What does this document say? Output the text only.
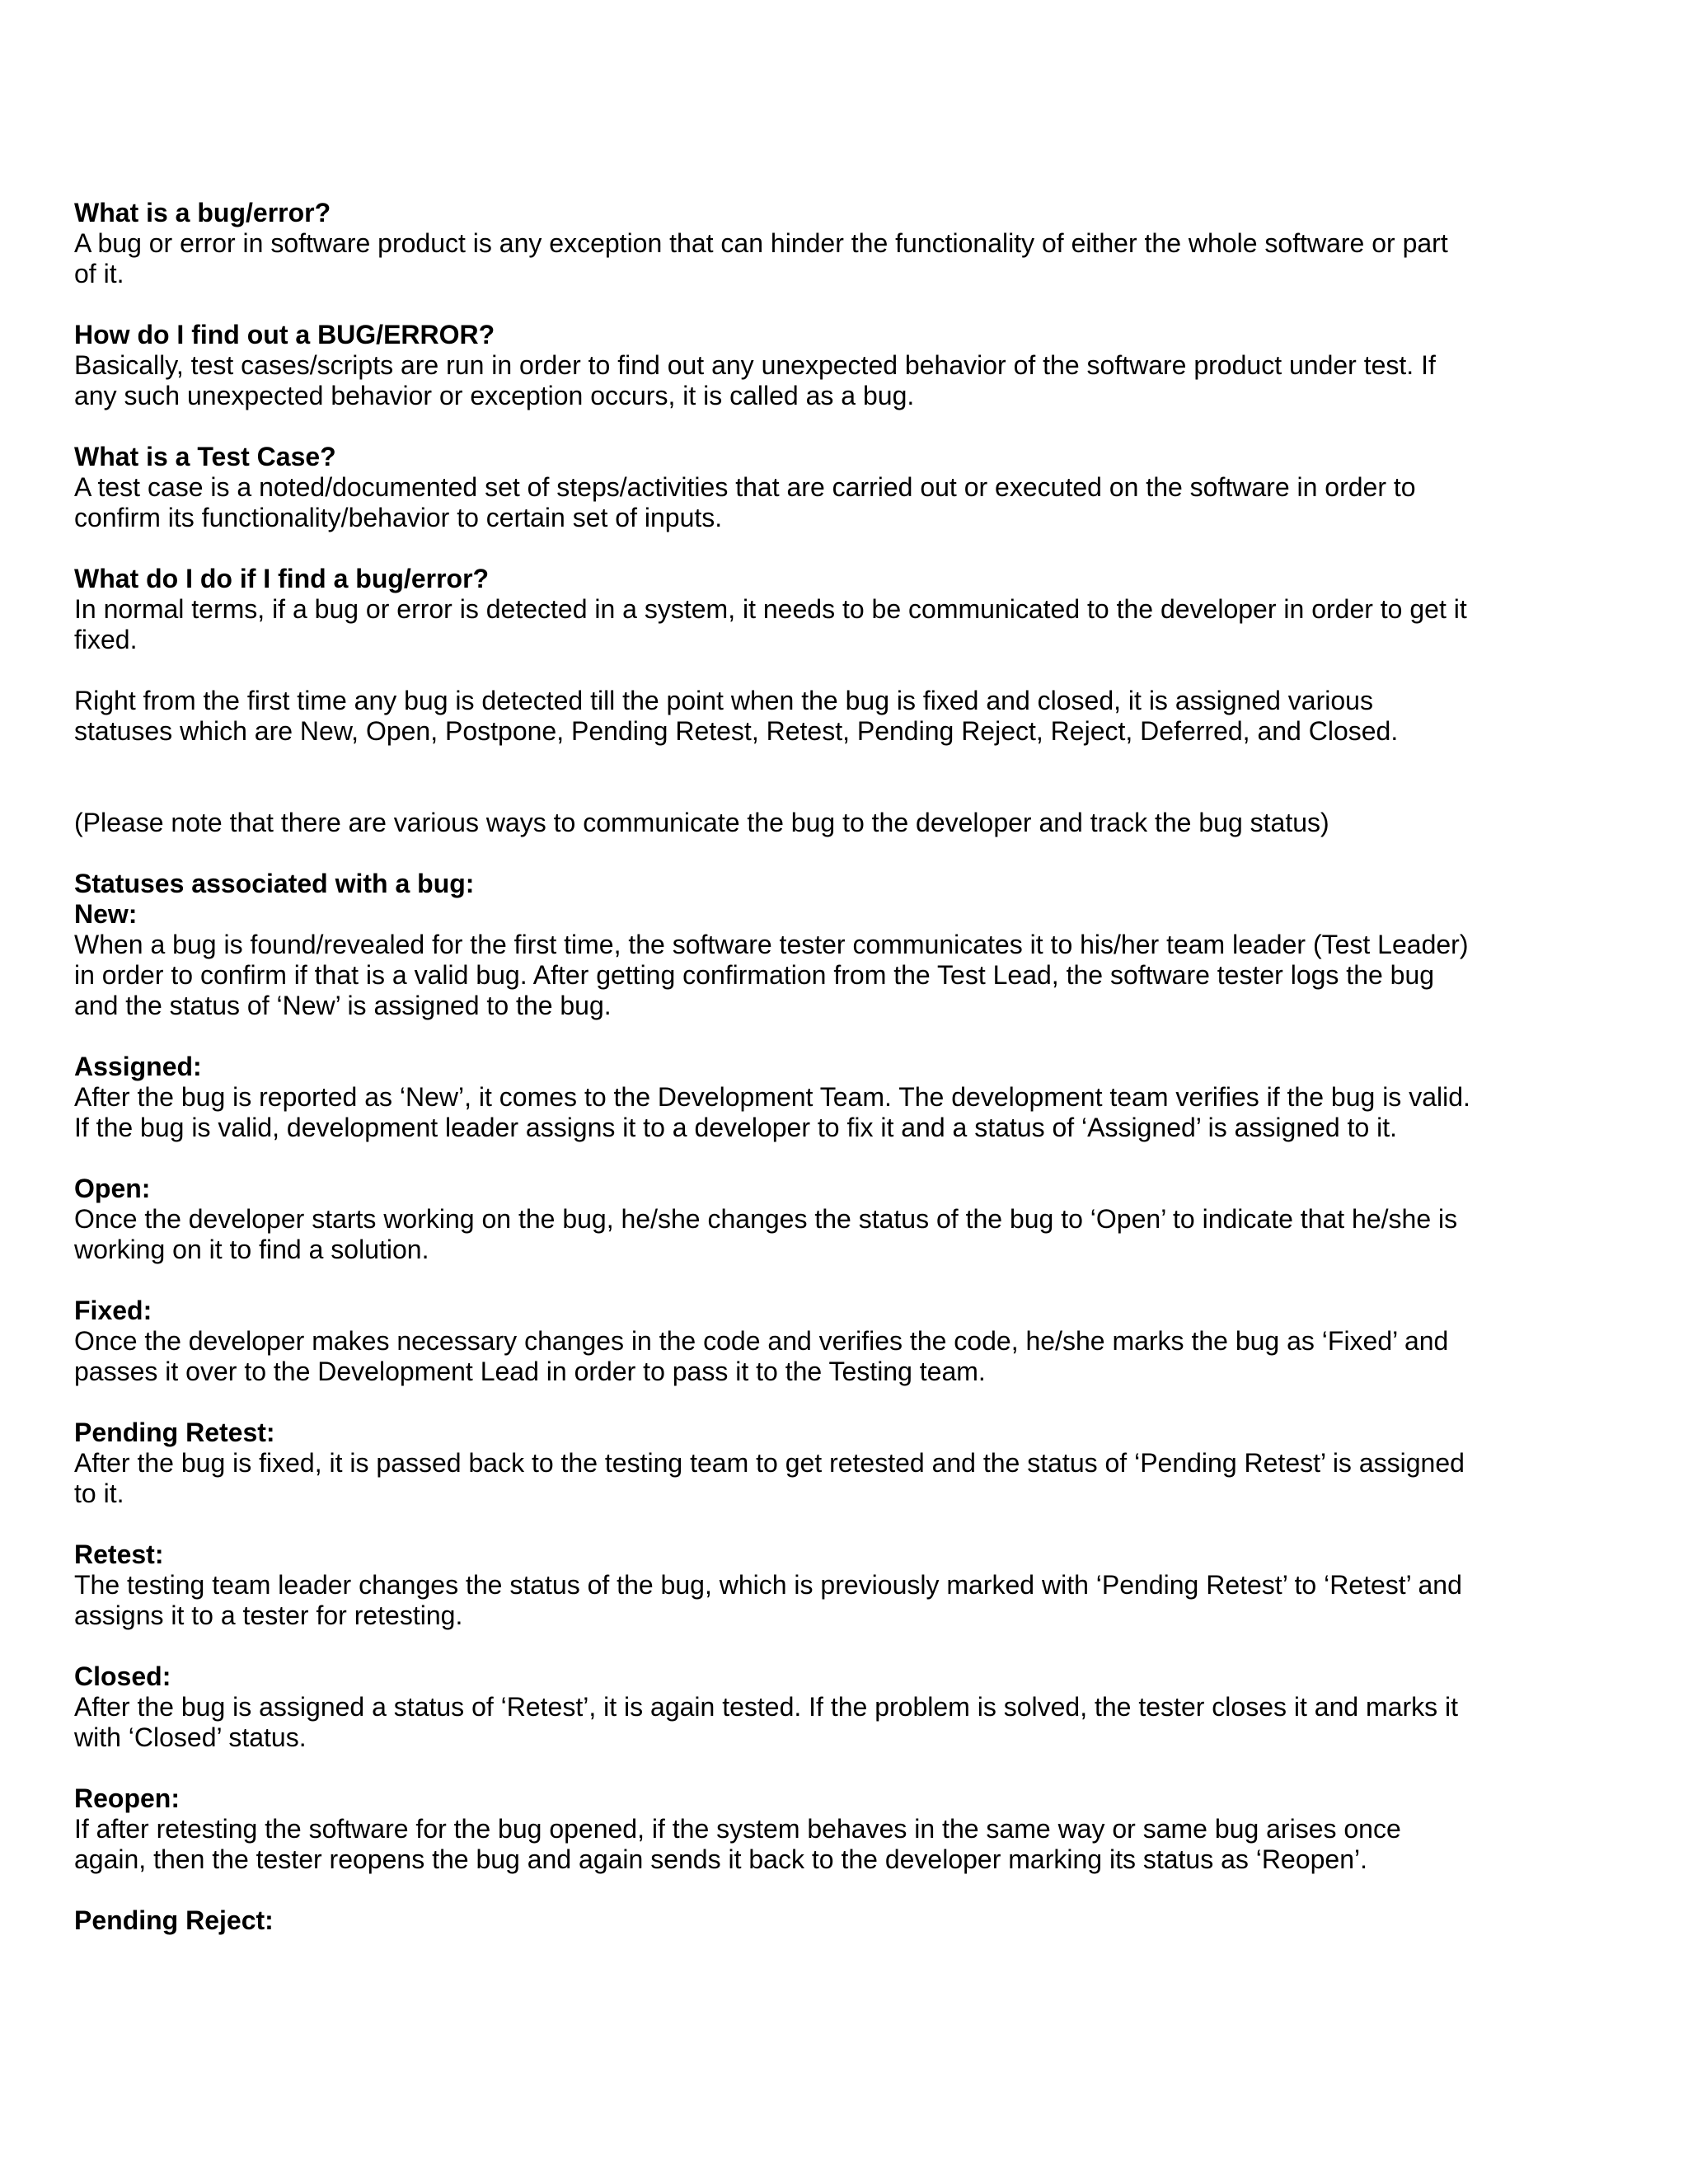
What is a bug/error?

A bug or error in software product is any exception that can hinder the functionality of either the whole software or part of it.

How do I find out a BUG/ERROR?

Basically, test cases/scripts are run in order to find out any unexpected behavior of the software product under test. If any such unexpected behavior or exception occurs, it is called as a bug.

What is a Test Case?

A test case is a noted/documented set of steps/activities that are carried out or executed on the software in order to confirm its functionality/behavior to certain set of inputs.

What do I do if I find a bug/error?

In normal terms, if a bug or error is detected in a system, it needs to be communicated to the developer in order to get it fixed.

Right from the first time any bug is detected till the point when the bug is fixed and closed, it is assigned various statuses which are New, Open, Postpone, Pending Retest, Retest, Pending Reject, Reject, Deferred, and Closed.

(Please note that there are various ways to communicate the bug to the developer and track the bug status)

Statuses associated with a bug:

New:

When a bug is found/revealed for the first time, the software tester communicates it to his/her team leader (Test Leader) in order to confirm if that is a valid bug. After getting confirmation from the Test Lead, the software tester logs the bug and the status of ‘New’ is assigned to the bug.

Assigned:

After the bug is reported as ‘New’, it comes to the Development Team. The development team verifies if the bug is valid. If the bug is valid, development leader assigns it to a developer to fix it and a status of ‘Assigned’ is assigned to it.

Open:

Once the developer starts working on the bug, he/she changes the status of the bug to ‘Open’ to indicate that he/she is working on it to find a solution.

Fixed:

Once the developer makes necessary changes in the code and verifies the code, he/she marks the bug as ‘Fixed’ and passes it over to the Development Lead in order to pass it to the Testing team.

Pending Retest:

After the bug is fixed, it is passed back to the testing team to get retested and the status of ‘Pending Retest’ is assigned to it.

Retest:

The testing team leader changes the status of the bug, which is previously marked with ‘Pending Retest’ to ‘Retest’ and assigns it to a tester for retesting.

Closed:

After the bug is assigned a status of ‘Retest’, it is again tested. If the problem is solved, the tester closes it and marks it with ‘Closed’ status.

Reopen:

If after retesting the software for the bug opened, if the system behaves in the same way or same bug arises once again, then the tester reopens the bug and again sends it back to the developer marking its status as ‘Reopen’.

Pending Reject:
